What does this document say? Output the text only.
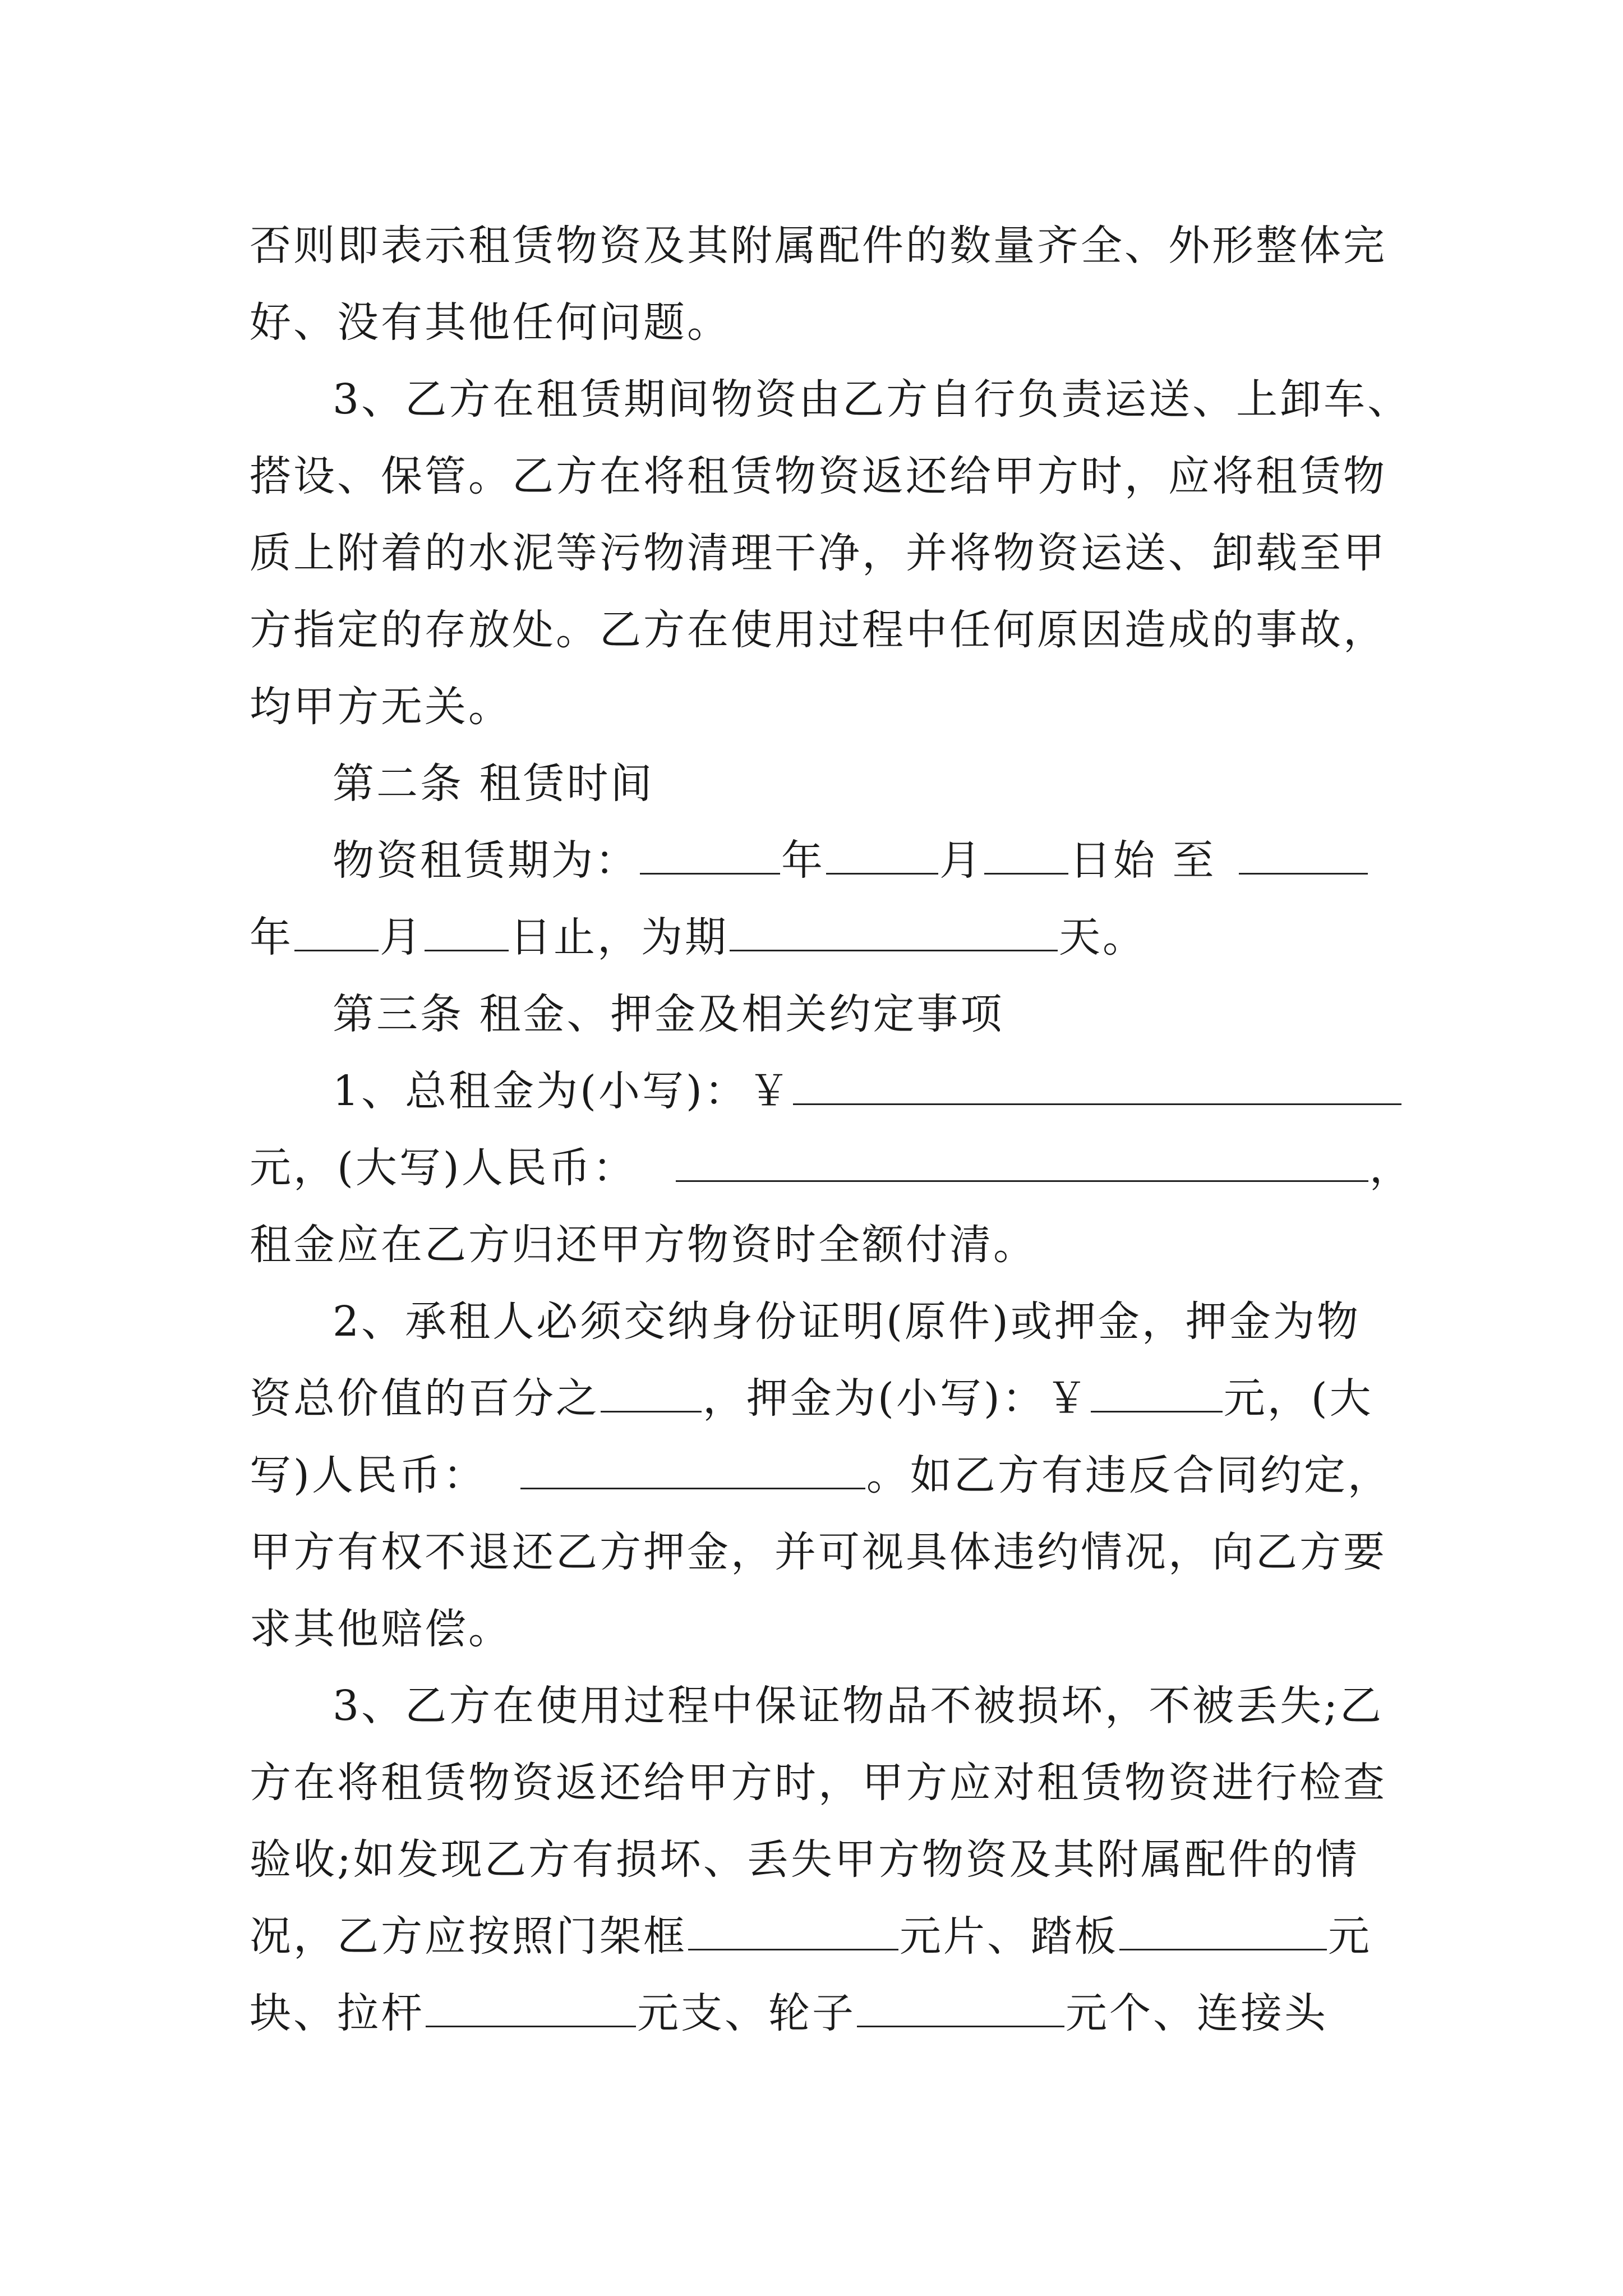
否则即表示租赁物资及其附属配件的数量齐全、外形整体完
好、没有其他任何问题。
3、乙方在租赁期间物资由乙方自行负责运送、上卸车、
搭设、保管。乙方在将租赁物资返还给甲方时，应将租赁物
质上附着的水泥等污物清理干净，并将物资运送、卸载至甲
方指定的存放处。乙方在使用过程中任何原因造成的事故，
均甲方无关。
第二条 租赁时间
物资租赁期为：	年	月 日始 至
年 月 日止，为期	天。
第三条 租金、押金及相关约定事项
1、总租金为(小写)：￥
元，(大写)人民币：	，
租金应在乙方归还甲方物资时全额付清。
2、承租人必须交纳身份证明(原件)或押金，押金为物
资总价值的百分之 ，押金为(小写)：￥	元，(大
写)人民币：	。如乙方有违反合同约定，
甲方有权不退还乙方押金，并可视具体违约情况，向乙方要
求其他赔偿。
3、乙方在使用过程中保证物品不被损坏，不被丢失;乙
方在将租赁物资返还给甲方时，甲方应对租赁物资进行检查
验收;如发现乙方有损坏、丢失甲方物资及其附属配件的情
况，乙方应按照门架框	元片、踏板	元
块、拉杆	元支、轮子	元个、连接头
